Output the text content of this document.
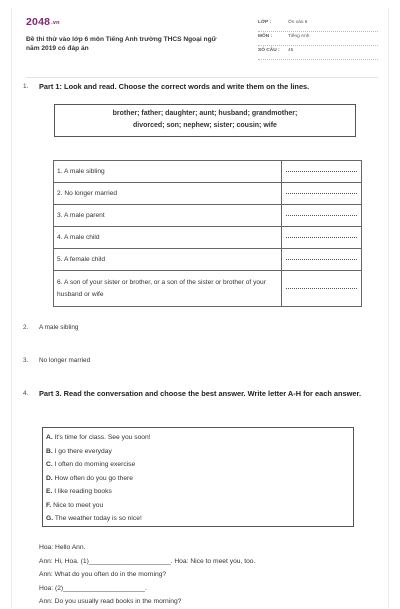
2048.vn
Đề thi thử vào lớp 6 môn Tiếng Anh trường THCS Ngoại ngữ năm 2019 có đáp án
LỚP :	Ôn vào 6
MÔN :	Tiếng Anh
SỐ CÂU : 45
1. Part 1: Look and read. Choose the correct words and write them on the lines.
brother; father; daughter; aunt; husband; grandmother;
divorced; son; nephew; sister; cousin; wife
1. A male sibling	

2. No longer married	

3. A male parent	

4. A male child	

5. A female child	

6. A son of your sister or brother, or a son of the sister or brother of your husband or wife	
2. A male sibling
3. No longer married
4. Part 3. Read the conversation and choose the best answer. Write letter A-H for each answer.
A. It's time for class. See you soon!
B. I go there everyday
C. I often do morning exercise
D. How often do you go there
E. I like reading books
F. Nice to meet you
G. The weather today is so nice!
Hoa: Hello Ann.
Ann: Hi, Hoa. (1)______________________. Hoa: Nice to meet you, too.
Ann: What do you often do in the morning?
Hoa: (2)______________________.
Ann: Do you usually read books in the morning?
